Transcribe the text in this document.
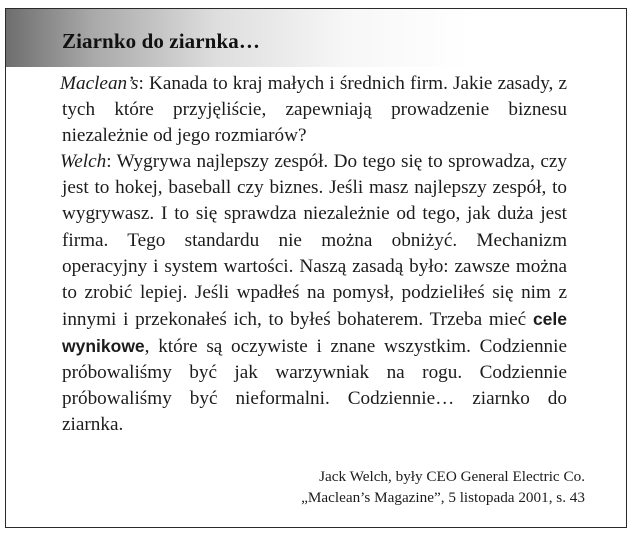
Ziarnko do ziarnka…

Maclean’s: Kanada to kraj małych i średnich firm. Jakie zasady, z tych które przyjęliście, zapewniają prowadzenie biznesu niezależnie od jego rozmiarów?

Welch: Wygrywa najlepszy zespół. Do tego się to sprowadza, czy jest to hokej, baseball czy biznes. Jeśli masz najlepszy zespół, to wygrywasz. I to się sprawdza niezależnie od tego, jak duża jest firma. Tego standardu nie można obniżyć. Mechanizm operacyjny i system wartości. Naszą zasadą było: zawsze można to zrobić lepiej. Jeśli wpadłeś na pomysł, podzieliłeś się nim z innymi i przekonałeś ich, to byłeś bohaterem. Trzeba mieć cele wynikowe, które są oczywiste i znane wszystkim. Codziennie próbowaliśmy być jak warzywniak na rogu. Codziennie próbowaliśmy być nieformalni. Codziennie… ziarnko do ziarnka.

Jack Welch, były CEO General Electric Co.
„Maclean’s Magazine”, 5 listopada 2001, s. 43
